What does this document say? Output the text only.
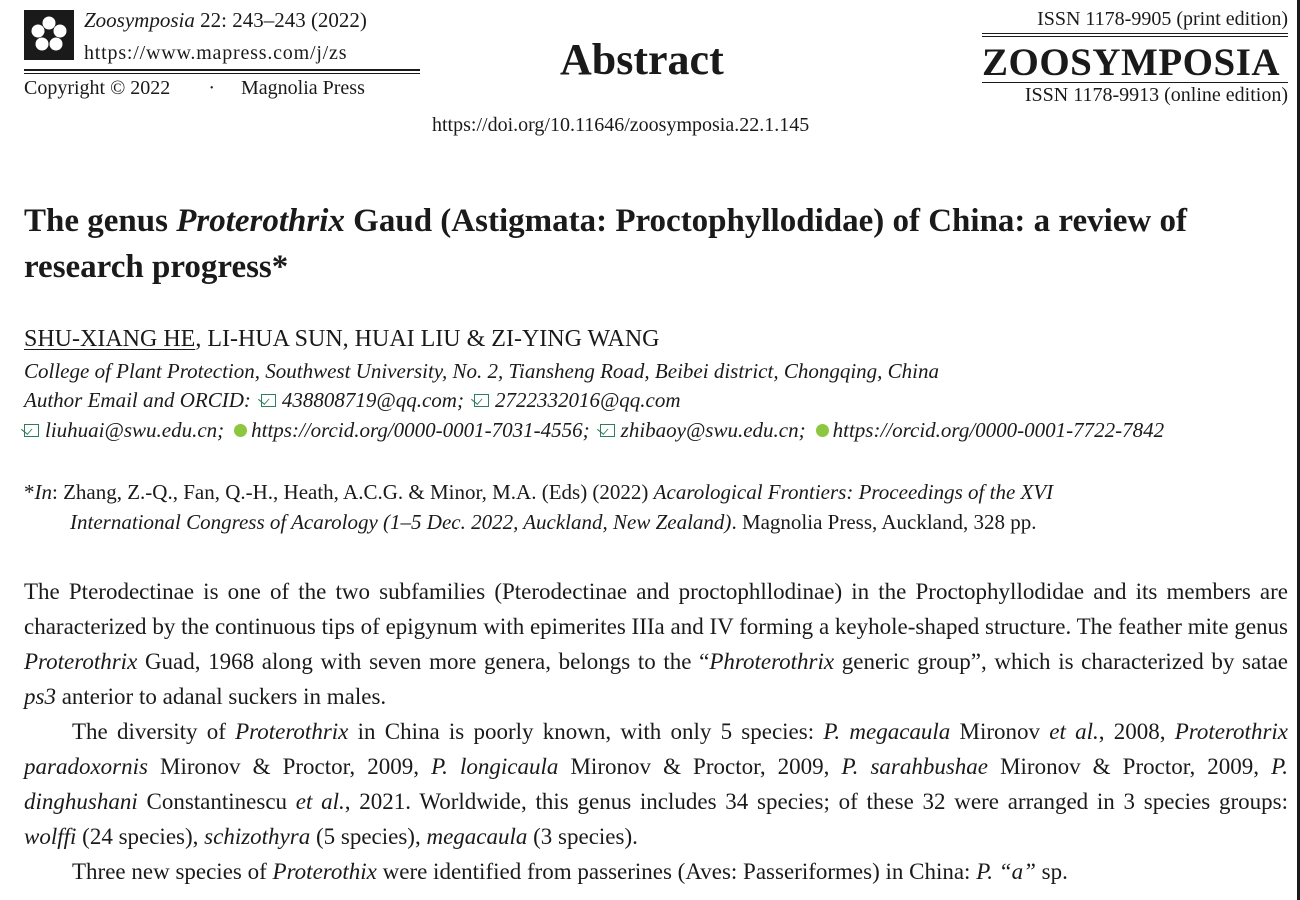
Zoosymposia 22: 243–243 (2022)
https://www.mapress.com/j/zs
Copyright © 2022 · Magnolia Press
Abstract
https://doi.org/10.11646/zoosymposia.22.1.145
ISSN 1178-9905 (print edition)
ZOOSYMPOSIA
ISSN 1178-9913 (online edition)
The genus Proterothrix Gaud (Astigmata: Proctophyllodidae) of China: a review of research progress*
SHU-XIANG HE, LI-HUA SUN, HUAI LIU & ZI-YING WANG
College of Plant Protection, Southwest University, No. 2, Tiansheng Road, Beibei district, Chongqing, China
Author Email and ORCID: 438808719@qq.com; 2722332016@qq.com
liuhuai@swu.edu.cn; https://orcid.org/0000-0001-7031-4556; zhibaoy@swu.edu.cn; https://orcid.org/0000-0001-7722-7842
*In: Zhang, Z.-Q., Fan, Q.-H., Heath, A.C.G. & Minor, M.A. (Eds) (2022) Acarological Frontiers: Proceedings of the XVI
International Congress of Acarology (1–5 Dec. 2022, Auckland, New Zealand). Magnolia Press, Auckland, 328 pp.

The Pterodectinae is one of the two subfamilies (Pterodectinae and proctophllodinae) in the Proctophyllodidae and its members are characterized by the continuous tips of epigynum with epimerites IIIa and IV forming a keyhole-shaped structure. The feather mite genus Proterothrix Guad, 1968 along with seven more genera, belongs to the “Phroterothrix generic group”, which is characterized by satae ps3 anterior to adanal suckers in males.

The diversity of Proterothrix in China is poorly known, with only 5 species: P. megacaula Mironov et al., 2008, Proterothrix paradoxornis Mironov & Proctor, 2009, P. longicaula Mironov & Proctor, 2009, P. sarahbushae Mironov & Proctor, 2009, P. dinghushani Constantinescu et al., 2021. Worldwide, this genus includes 34 species; of these 32 were arranged in 3 species groups: wolffi (24 species), schizothyra (5 species), megacaula (3 species).

Three new species of Proterothix were identified from passerines (Aves: Passeriformes) in China: P. “a” sp.
